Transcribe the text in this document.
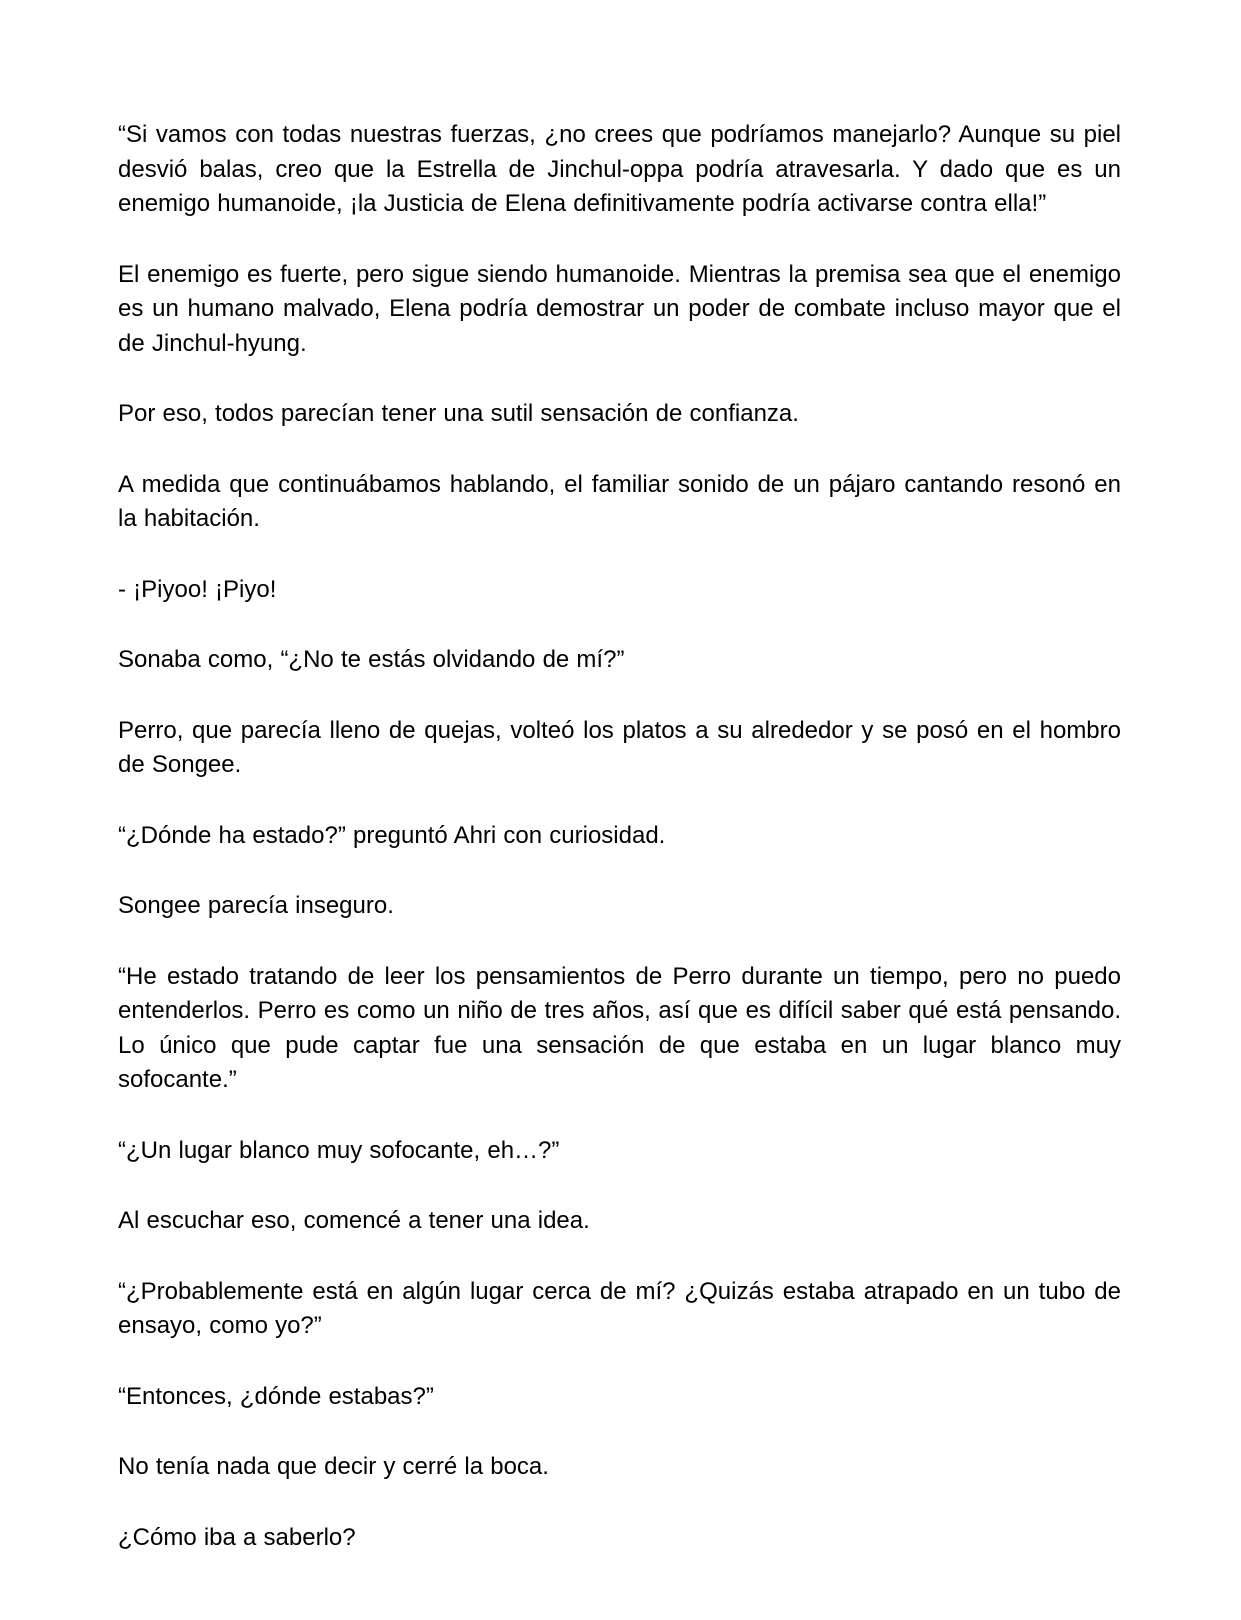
“Si vamos con todas nuestras fuerzas, ¿no crees que podríamos manejarlo? Aunque su piel desvió balas, creo que la Estrella de Jinchul-oppa podría atravesarla. Y dado que es un enemigo humanoide, ¡la Justicia de Elena definitivamente podría activarse contra ella!”

El enemigo es fuerte, pero sigue siendo humanoide. Mientras la premisa sea que el enemigo es un humano malvado, Elena podría demostrar un poder de combate incluso mayor que el de Jinchul-hyung.

Por eso, todos parecían tener una sutil sensación de confianza.

A medida que continuábamos hablando, el familiar sonido de un pájaro cantando resonó en la habitación.

- ¡Piyoo! ¡Piyo!

Sonaba como, “¿No te estás olvidando de mí?”

Perro, que parecía lleno de quejas, volteó los platos a su alrededor y se posó en el hombro de Songee.

“¿Dónde ha estado?” preguntó Ahri con curiosidad.

Songee parecía inseguro.

“He estado tratando de leer los pensamientos de Perro durante un tiempo, pero no puedo entenderlos. Perro es como un niño de tres años, así que es difícil saber qué está pensando. Lo único que pude captar fue una sensación de que estaba en un lugar blanco muy sofocante.”

“¿Un lugar blanco muy sofocante, eh…?”

Al escuchar eso, comencé a tener una idea.

“¿Probablemente está en algún lugar cerca de mí? ¿Quizás estaba atrapado en un tubo de ensayo, como yo?”

“Entonces, ¿dónde estabas?”

No tenía nada que decir y cerré la boca.

¿Cómo iba a saberlo?
